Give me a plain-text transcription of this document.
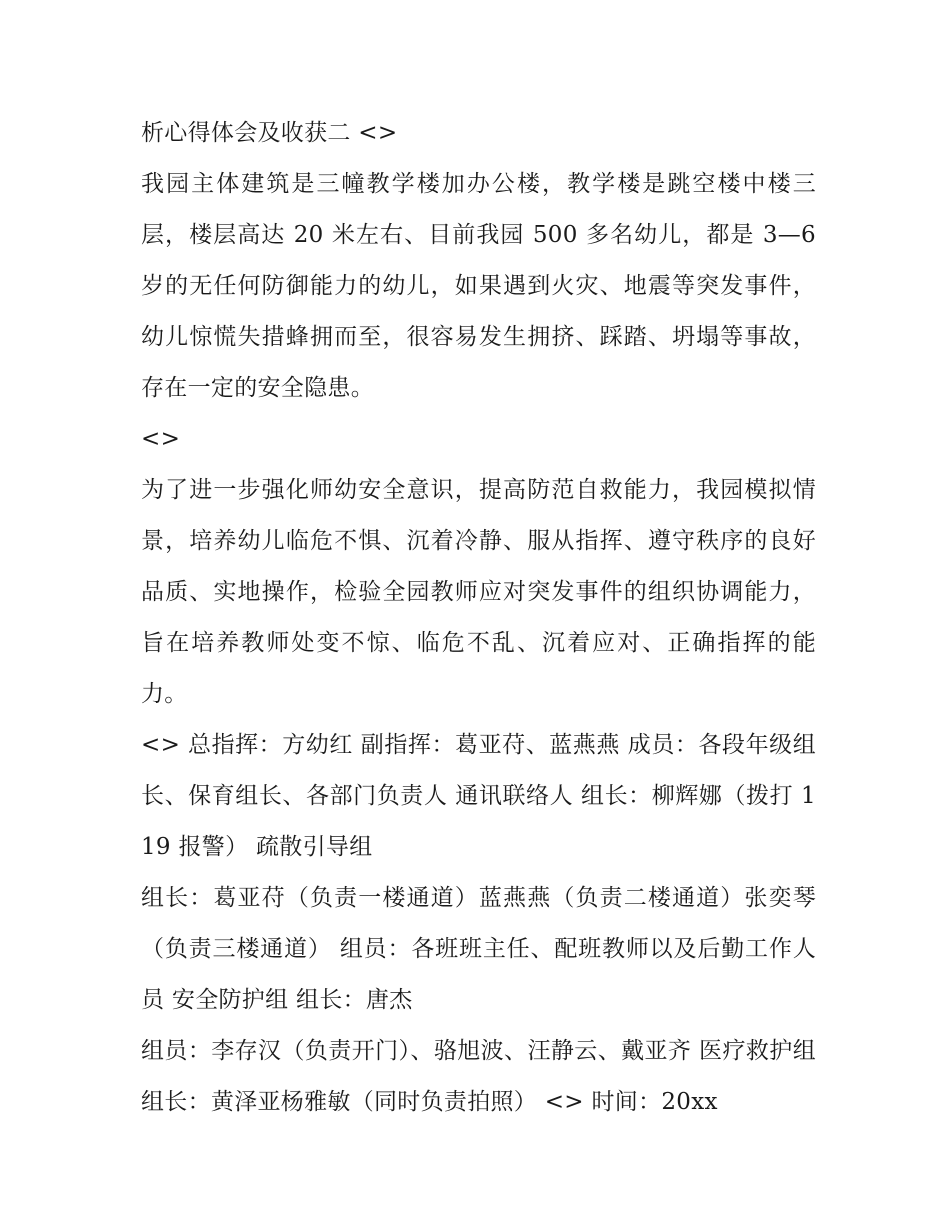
析心得体会及收获二 <>

我园主体建筑是三幢教学楼加办公楼，教学楼是跳空楼中楼三层，楼层高达 20 米左右、目前我园 500 多名幼儿，都是 3—6 岁的无任何防御能力的幼儿，如果遇到火灾、地震等突发事件，幼儿惊慌失措蜂拥而至，很容易发生拥挤、踩踏、坍塌等事故，存在一定的安全隐患。

<>

为了进一步强化师幼安全意识，提高防范自救能力，我园模拟情景，培养幼儿临危不惧、沉着冷静、服从指挥、遵守秩序的良好品质、实地操作，检验全园教师应对突发事件的组织协调能力，旨在培养教师处变不惊、临危不乱、沉着应对、正确指挥的能力。

<> 总指挥：方幼红 副指挥：葛亚苻、蓝燕燕 成员：各段年级组长、保育组长、各部门负责人 通讯联络人 组长：柳辉娜（拨打 119 报警） 疏散引导组

组长：葛亚苻（负责一楼通道）蓝燕燕（负责二楼通道）张奕琴（负责三楼通道） 组员：各班班主任、配班教师以及后勤工作人员 安全防护组 组长：唐杰

组员：李存汉（负责开门）、骆旭波、汪静云、戴亚齐 医疗救护组 组长：黄泽亚杨雅敏（同时负责拍照） <> 时间：20xx
